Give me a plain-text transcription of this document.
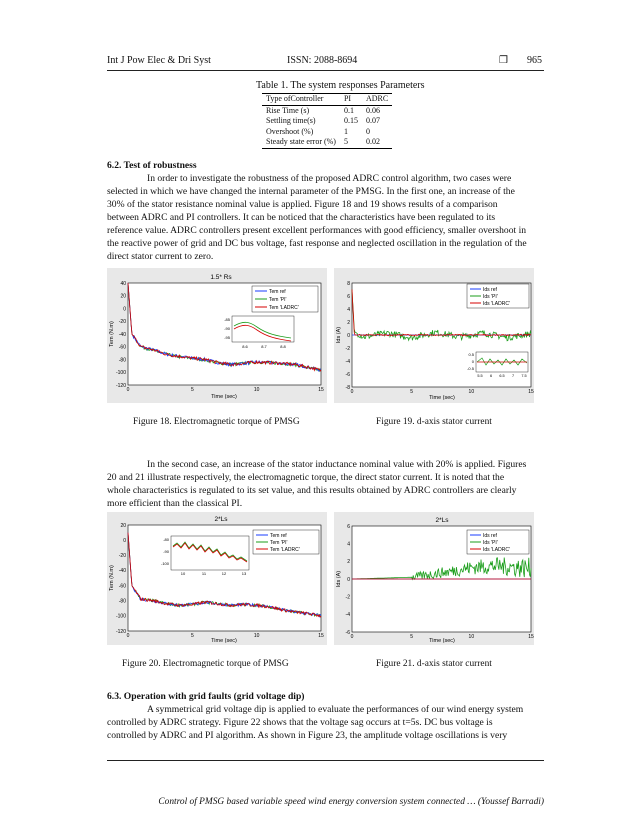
Int J Pow Elec & Dri Syst	ISSN: 2088-8694	❒ 965
Table 1. The system responses Parameters
Type ofController	PI	ADRC
Rise Time (s)	0.1	0.06
Settling time(s)	0.15	0.07
Overshoot (%)	1	0
Steady state error (%)	5	0.02
6.2. Test of robustness
In order to investigate the robustness of the proposed ADRC control algorithm, two cases were
selected in which we have changed the internal parameter of the PMSG. In the first one, an increase of the
30% of the stator resistance nominal value is applied. Figure 18 and 19 shows results of a comparison
between ADRC and PI controllers. It can be noticed that the characteristics have been regulated to its
reference value. ADRC controllers present excellent performances with good efficiency, smaller overshoot in
the reactive power of grid and DC bus voltage, fast response and neglected oscillation in the regulation of the
direct stator current to zero.
1.5* Rs
Tem (N.m)
Time (sec)
40
20
0
-20
-40
-60
-80
-100
-120
0	5	10	15
Tem ref
Tem 'PI'
Tem 'LADRC'
-85
-90
-95
8.6	8.7	8.8
Ids (A)
Time (sec)
8
6
4
2
0
-2
-4
-6
-8
0	5	10	15
Ids ref
Ids 'PI'
Ids 'LADRC'
0.5
0
-0.5
5.5 6 6.5 7 7.5
Figure 18. Electromagnetic torque of PMSG	Figure 19. d-axis stator current
In the second case, an increase of the stator inductance nominal value with 20% is applied. Figures
20 and 21 illustrate respectively, the electromagnetic torque, the direct stator current. It is noted that the
whole characteristics is regulated to its set value, and this results obtained by ADRC controllers are clearly
more efficient than the classical PI.
2*Ls
Tem (N.m)
Time (sec)
20
0
-20
-40
-60
-80
-100
-120
0	5	10	15
Tem ref
Tem 'PI'
Tem 'LADRC'
-80
-90
-100
10	11	12	13
2*Ls
Ids (A)
Time (sec)
6
4
2
0
-2
-4
-6
0	5	10	15
Ids ref
Ids 'PI'
Ids 'LADRC'
Figure 20. Electromagnetic torque of PMSG	Figure 21. d-axis stator current
6.3. Operation with grid faults (grid voltage dip)
A symmetrical grid voltage dip is applied to evaluate the performances of our wind energy system
controlled by ADRC strategy. Figure 22 shows that the voltage sag occurs at t=5s. DC bus voltage is
controlled by ADRC and PI algorithm. As shown in Figure 23, the amplitude voltage oscillations is very
Control of PMSG based variable speed wind energy conversion system connected … (Youssef Barradi)
